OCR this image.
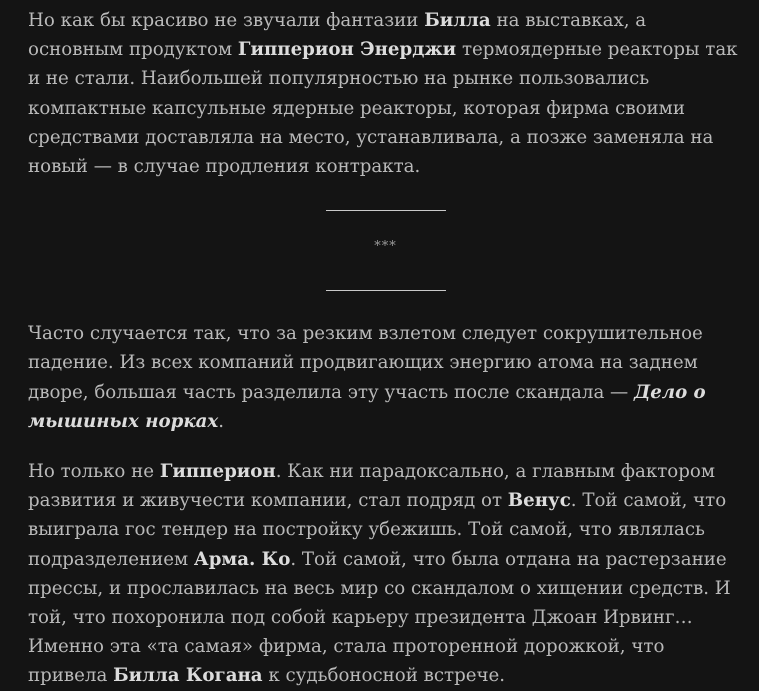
Но как бы красиво не звучали фантазии Билла на выставках, а основным продуктом Гипперион Энерджи термоядерные реакторы так и не стали. Наибольшей популярностью на рынке пользовались компактные капсульные ядерные реакторы, которая фирма своими средствами доставляла на место, устанавливала, а позже заменяла на новый — в случае продления контракта.

***

Часто случается так, что за резким взлетом следует сокрушительное падение. Из всех компаний продвигающих энергию атома на заднем дворе, большая часть разделила эту участь после скандала — Дело о мышиных норках.

Но только не Гипперион. Как ни парадоксально, а главным фактором развития и живучести компании, стал подряд от Венус. Той самой, что выиграла гос тендер на постройку убежишь. Той самой, что являлась подразделением Арма. Ко. Той самой, что была отдана на растерзание прессы, и прославилась на весь мир со скандалом о хищении средств. И той, что похоронила под собой карьеру президента Джоан Ирвинг… Именно эта «та самая» фирма, стала проторенной дорожкой, что привела Билла Когана к судьбоносной встрече.
